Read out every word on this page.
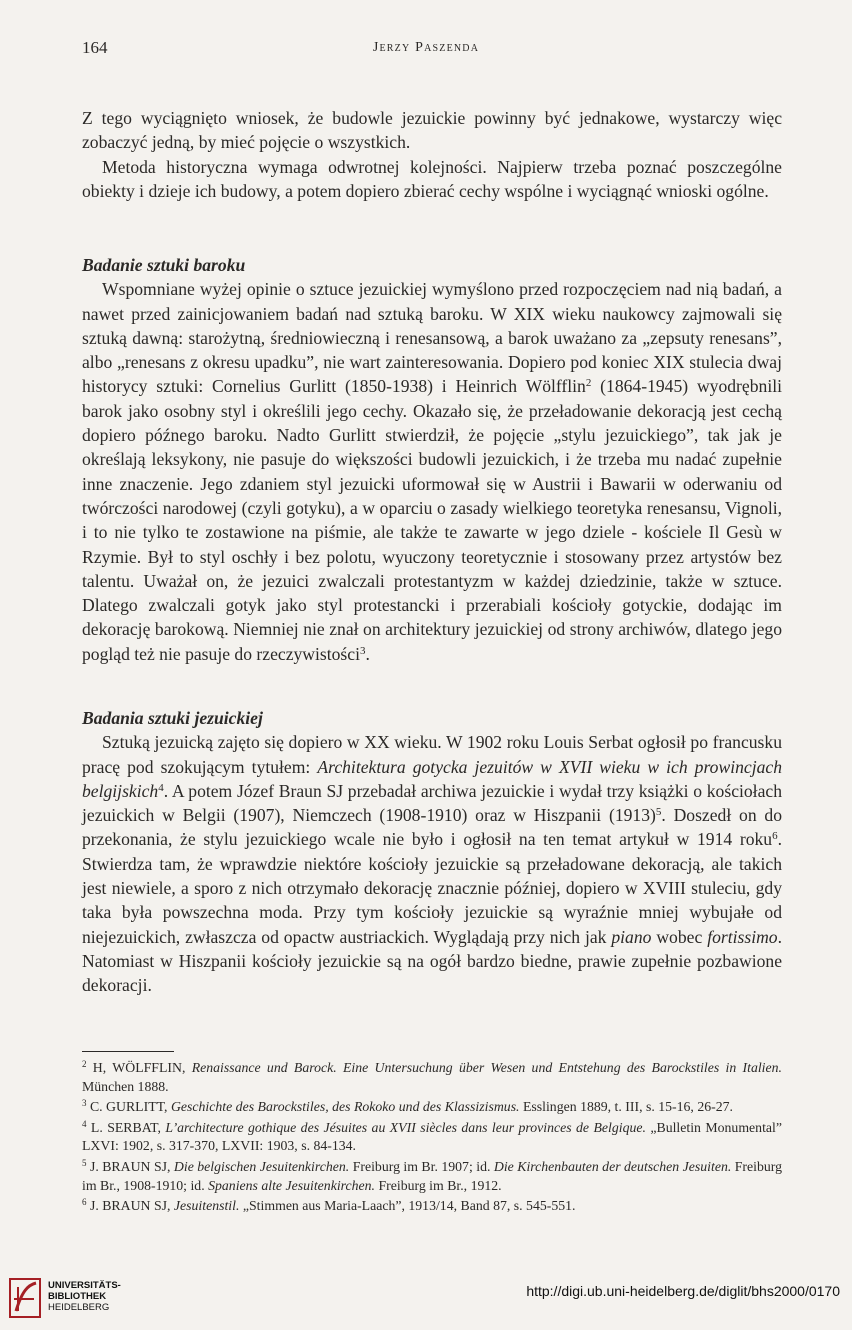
164	Jerzy Paszenda

Z tego wyciągnięto wniosek, że budowle jezuickie powinny być jednakowe, wystarczy więc zobaczyć jedną, by mieć pojęcie o wszystkich.

Metoda historyczna wymaga odwrotnej kolejności. Najpierw trzeba poznać poszczególne obiekty i dzieje ich budowy, a potem dopiero zbierać cechy wspólne i wyciągnąć wnioski ogólne.

Badanie sztuki baroku

Wspomniane wyżej opinie o sztuce jezuickiej wymyślono przed rozpoczęciem nad nią badań, a nawet przed zainicjowaniem badań nad sztuką baroku. W XIX wieku naukowcy zajmowali się sztuką dawną: starożytną, średniowieczną i renesansową, a barok uważano za „zepsuty renesans”, albo „renesans z okresu upadku”, nie wart zainteresowania. Dopiero pod koniec XIX stulecia dwaj historycy sztuki: Cornelius Gurlitt (1850-1938) i Heinrich Wölfflin$^2$ (1864-1945) wyodrębnili barok jako osobny styl i określili jego cechy. Okazało się, że przeładowanie dekoracją jest cechą dopiero późnego baroku. Nadto Gurlitt stwierdził, że pojęcie „stylu jezuickiego”, tak jak je określają leksykony, nie pasuje do większości budowli jezuickich, i że trzeba mu nadać zupełnie inne znaczenie. Jego zdaniem styl jezuicki uformował się w Austrii i Bawarii w oderwaniu od twórczości narodowej (czyli gotyku), a w oparciu o zasady wielkiego teoretyka renesansu, Vignoli, i to nie tylko te zostawione na piśmie, ale także te zawarte w jego dziele - kościele Il Gesù w Rzymie. Był to styl oschły i bez polotu, wyuczony teoretycznie i stosowany przez artystów bez talentu. Uważał on, że jezuici zwalczali protestantyzm w każdej dziedzinie, także w sztuce. Dlatego zwalczali gotyk jako styl protestancki i przerabiali kościoły gotyckie, dodając im dekorację barokową. Niemniej nie znał on architektury jezuickiej od strony archiwów, dlatego jego pogląd też nie pasuje do rzeczywistości$^3$.

Badania sztuki jezuickiej

Sztuką jezuicką zajęto się dopiero w XX wieku. W 1902 roku Louis Serbat ogłosił po francusku pracę pod szokującym tytułem: Architektura gotycka jezuitów w XVII wieku w ich prowincjach belgijskich$^4$. A potem Józef Braun SJ przebadał archiwa jezuickie i wydał trzy książki o kościołach jezuickich w Belgii (1907), Niemczech (1908-1910) oraz w Hiszpanii $(1913)^5$. Doszedł on do przekonania, że stylu jezuickiego wcale nie było i ogłosił na ten temat artykuł w 1914 roku$^6$. Stwierdza tam, że wprawdzie niektóre kościoły jezuickie są przeładowane dekoracją, ale takich jest niewiele, a sporo z nich otrzymało dekorację znacznie później, dopiero w XVIII stuleciu, gdy taka była powszechna moda. Przy tym kościoły jezuickie są wyraźnie mniej wybujałe od niejezuickich, zwłaszcza od opactw austriackich. Wyglądają przy nich jak piano wobec fortissimo. Natomiast w Hiszpanii kościoły jezuickie są na ogół bardzo biedne, prawie zupełnie pozbawione dekoracji.

$^2$ H, WÖLFFLIN, Renaissance und Barock. Eine Untersuchung über Wesen und Entstehung des Barockstiles in Italien. München 1888.

$^3$ C. GURLITT, Geschichte des Barockstiles, des Rokoko und des Klassizismus. Esslingen 1889, t. III, s. 15-16, 26-27.

$^4$ L. SERBAT, L’architecture gothique des Jésuites au XVII siècles dans leur provinces de Belgique. „Bulletin Monumental” LXVI: 1902, s. 317-370, LXVII: 1903, s. 84-134.

$^5$ J. BRAUN SJ, Die belgischen Jesuitenkirchen. Freiburg im Br. 1907; id. Die Kirchenbauten der deutschen Jesuiten. Freiburg im Br., 1908-1910; id. Spaniens alte Jesuitenkirchen. Freiburg im Br., 1912.

$^6$ J. BRAUN SJ, Jesuitenstil. „Stimmen aus Maria-Laach”, 1913/14, Band 87, s. 545-551.

UNIVERSITÄTS-
BIBLIOTHEK
HEIDELBERG
http://digi.ub.uni-heidelberg.de/diglit/bhs2000/0170
